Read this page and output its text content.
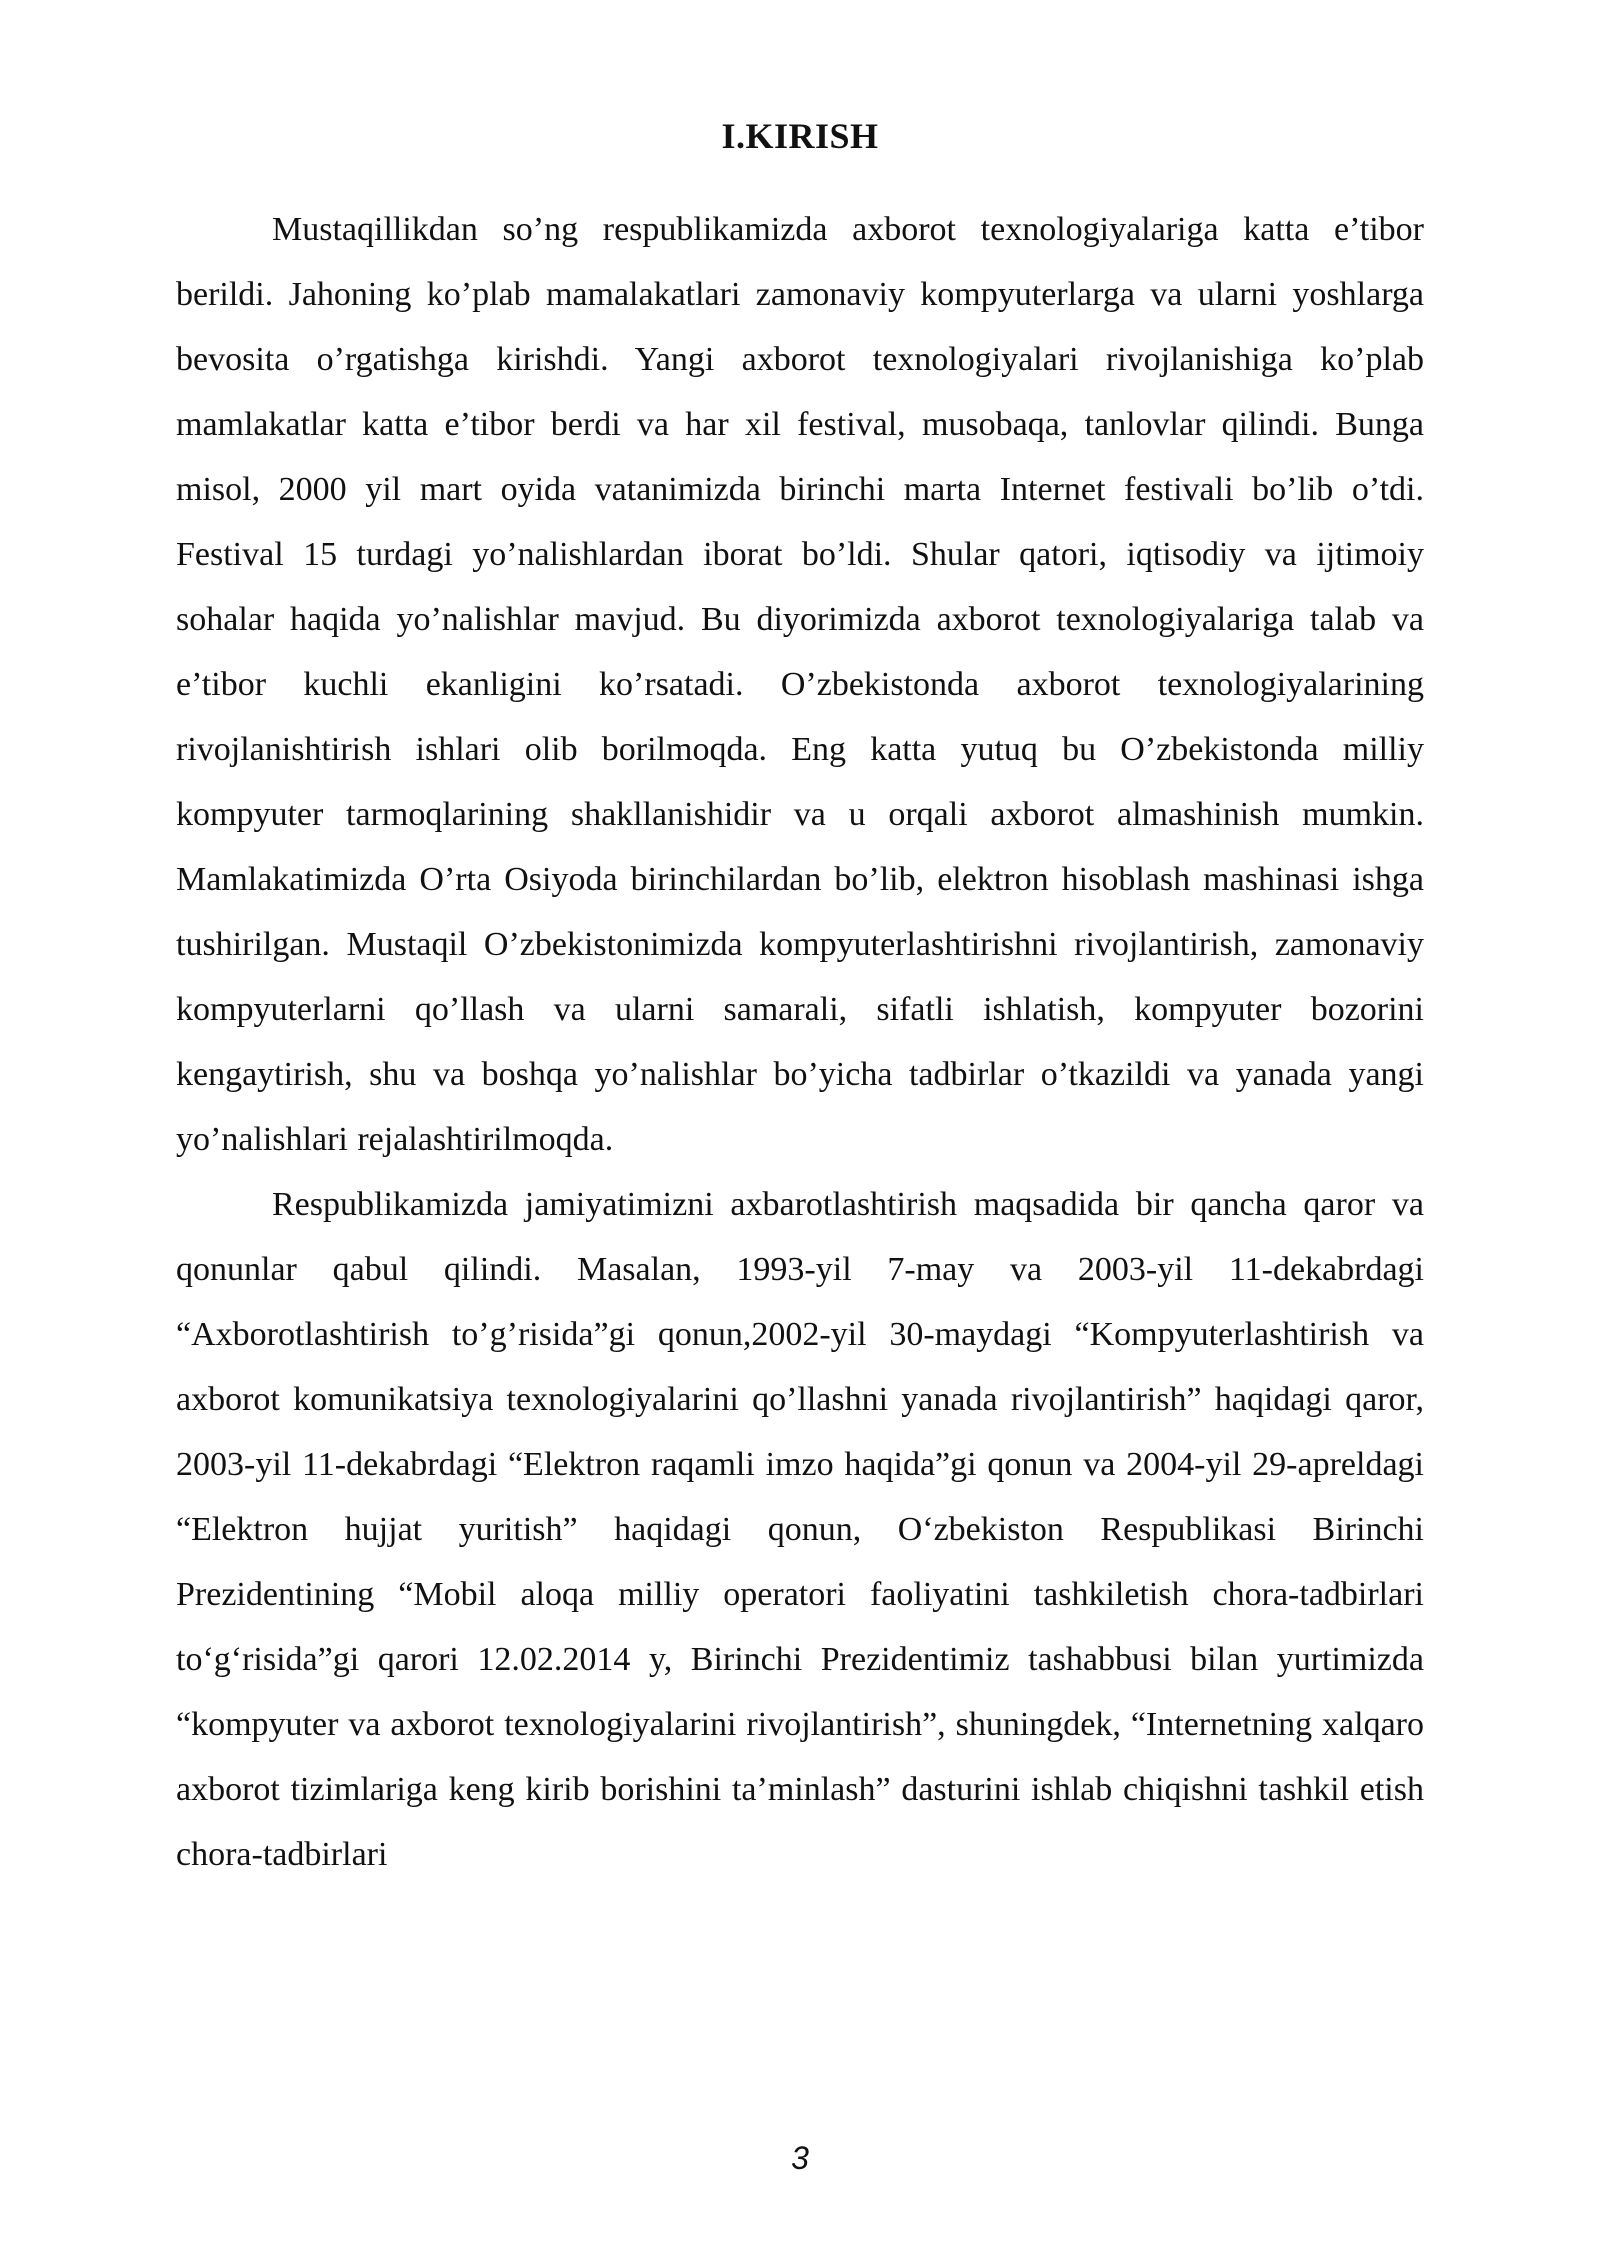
I.KIRISH

Mustaqillikdan so’ng respublikamizda axborot texnologiyalariga katta e’tibor berildi. Jahoning ko’plab mamalakatlari zamonaviy kompyuterlarga va ularni yoshlarga bevosita o’rgatishga kirishdi. Yangi axborot texnologiyalari rivojlanishiga ko’plab mamlakatlar katta e’tibor berdi va har xil festival, musobaqa, tanlovlar qilindi. Bunga misol, 2000 yil mart oyida vatanimizda birinchi marta Internet festivali bo’lib o’tdi. Festival 15 turdagi yo’nalishlardan iborat bo’ldi. Shular qatori, iqtisodiy va ijtimoiy sohalar haqida yo’nalishlar mavjud. Bu diyorimizda axborot texnologiyalariga talab va e’tibor kuchli ekanligini ko’rsatadi. O’zbekistonda axborot texnologiyalarining rivojlanishtirish ishlari olib borilmoqda. Eng katta yutuq bu O’zbekistonda milliy kompyuter tarmoqlarining shakllanishidir va u orqali axborot almashinish mumkin. Mamlakatimizda O’rta Osiyoda birinchilardan bo’lib, elektron hisoblash mashinasi ishga tushirilgan. Mustaqil O’zbekistonimizda kompyuterlashtirishni rivojlantirish, zamonaviy kompyuterlarni qo’llash va ularni samarali, sifatli ishlatish, kompyuter bozorini kengaytirish, shu va boshqa yo’nalishlar bo’yicha tadbirlar o’tkazildi va yanada yangi yo’nalishlari rejalashtirilmoqda.

Respublikamizda jamiyatimizni axbarotlashtirish maqsadida bir qancha qaror va qonunlar qabul qilindi. Masalan, 1993-yil 7-may va 2003-yil 11-dekabrdagi “Axborotlashtirish to’g’risida”gi qonun,2002-yil 30-maydagi “Kompyuterlashtirish va axborot komunikatsiya texnologiyalarini qo’llashni yanada rivojlantirish” haqidagi qaror, 2003-yil 11-dekabrdagi “Elektron raqamli imzo haqida”gi qonun va 2004-yil 29-apreldagi “Elektron hujjat yuritish” haqidagi qonun, O‘zbekiston Respublikasi Birinchi Prezidentining “Mobil aloqa milliy operatori faoliyatini tashkiletish chora-tadbirlari to‘g‘risida”gi qarori 12.02.2014 y, Birinchi Prezidentimiz tashabbusi bilan yurtimizda “kompyuter va axborot texnologiyalarini rivojlantirish”, shuningdek, “Internetning xalqaro axborot tizimlariga keng kirib borishini ta’minlash” dasturini ishlab chiqishni tashkil etish chora-tadbirlari

3
